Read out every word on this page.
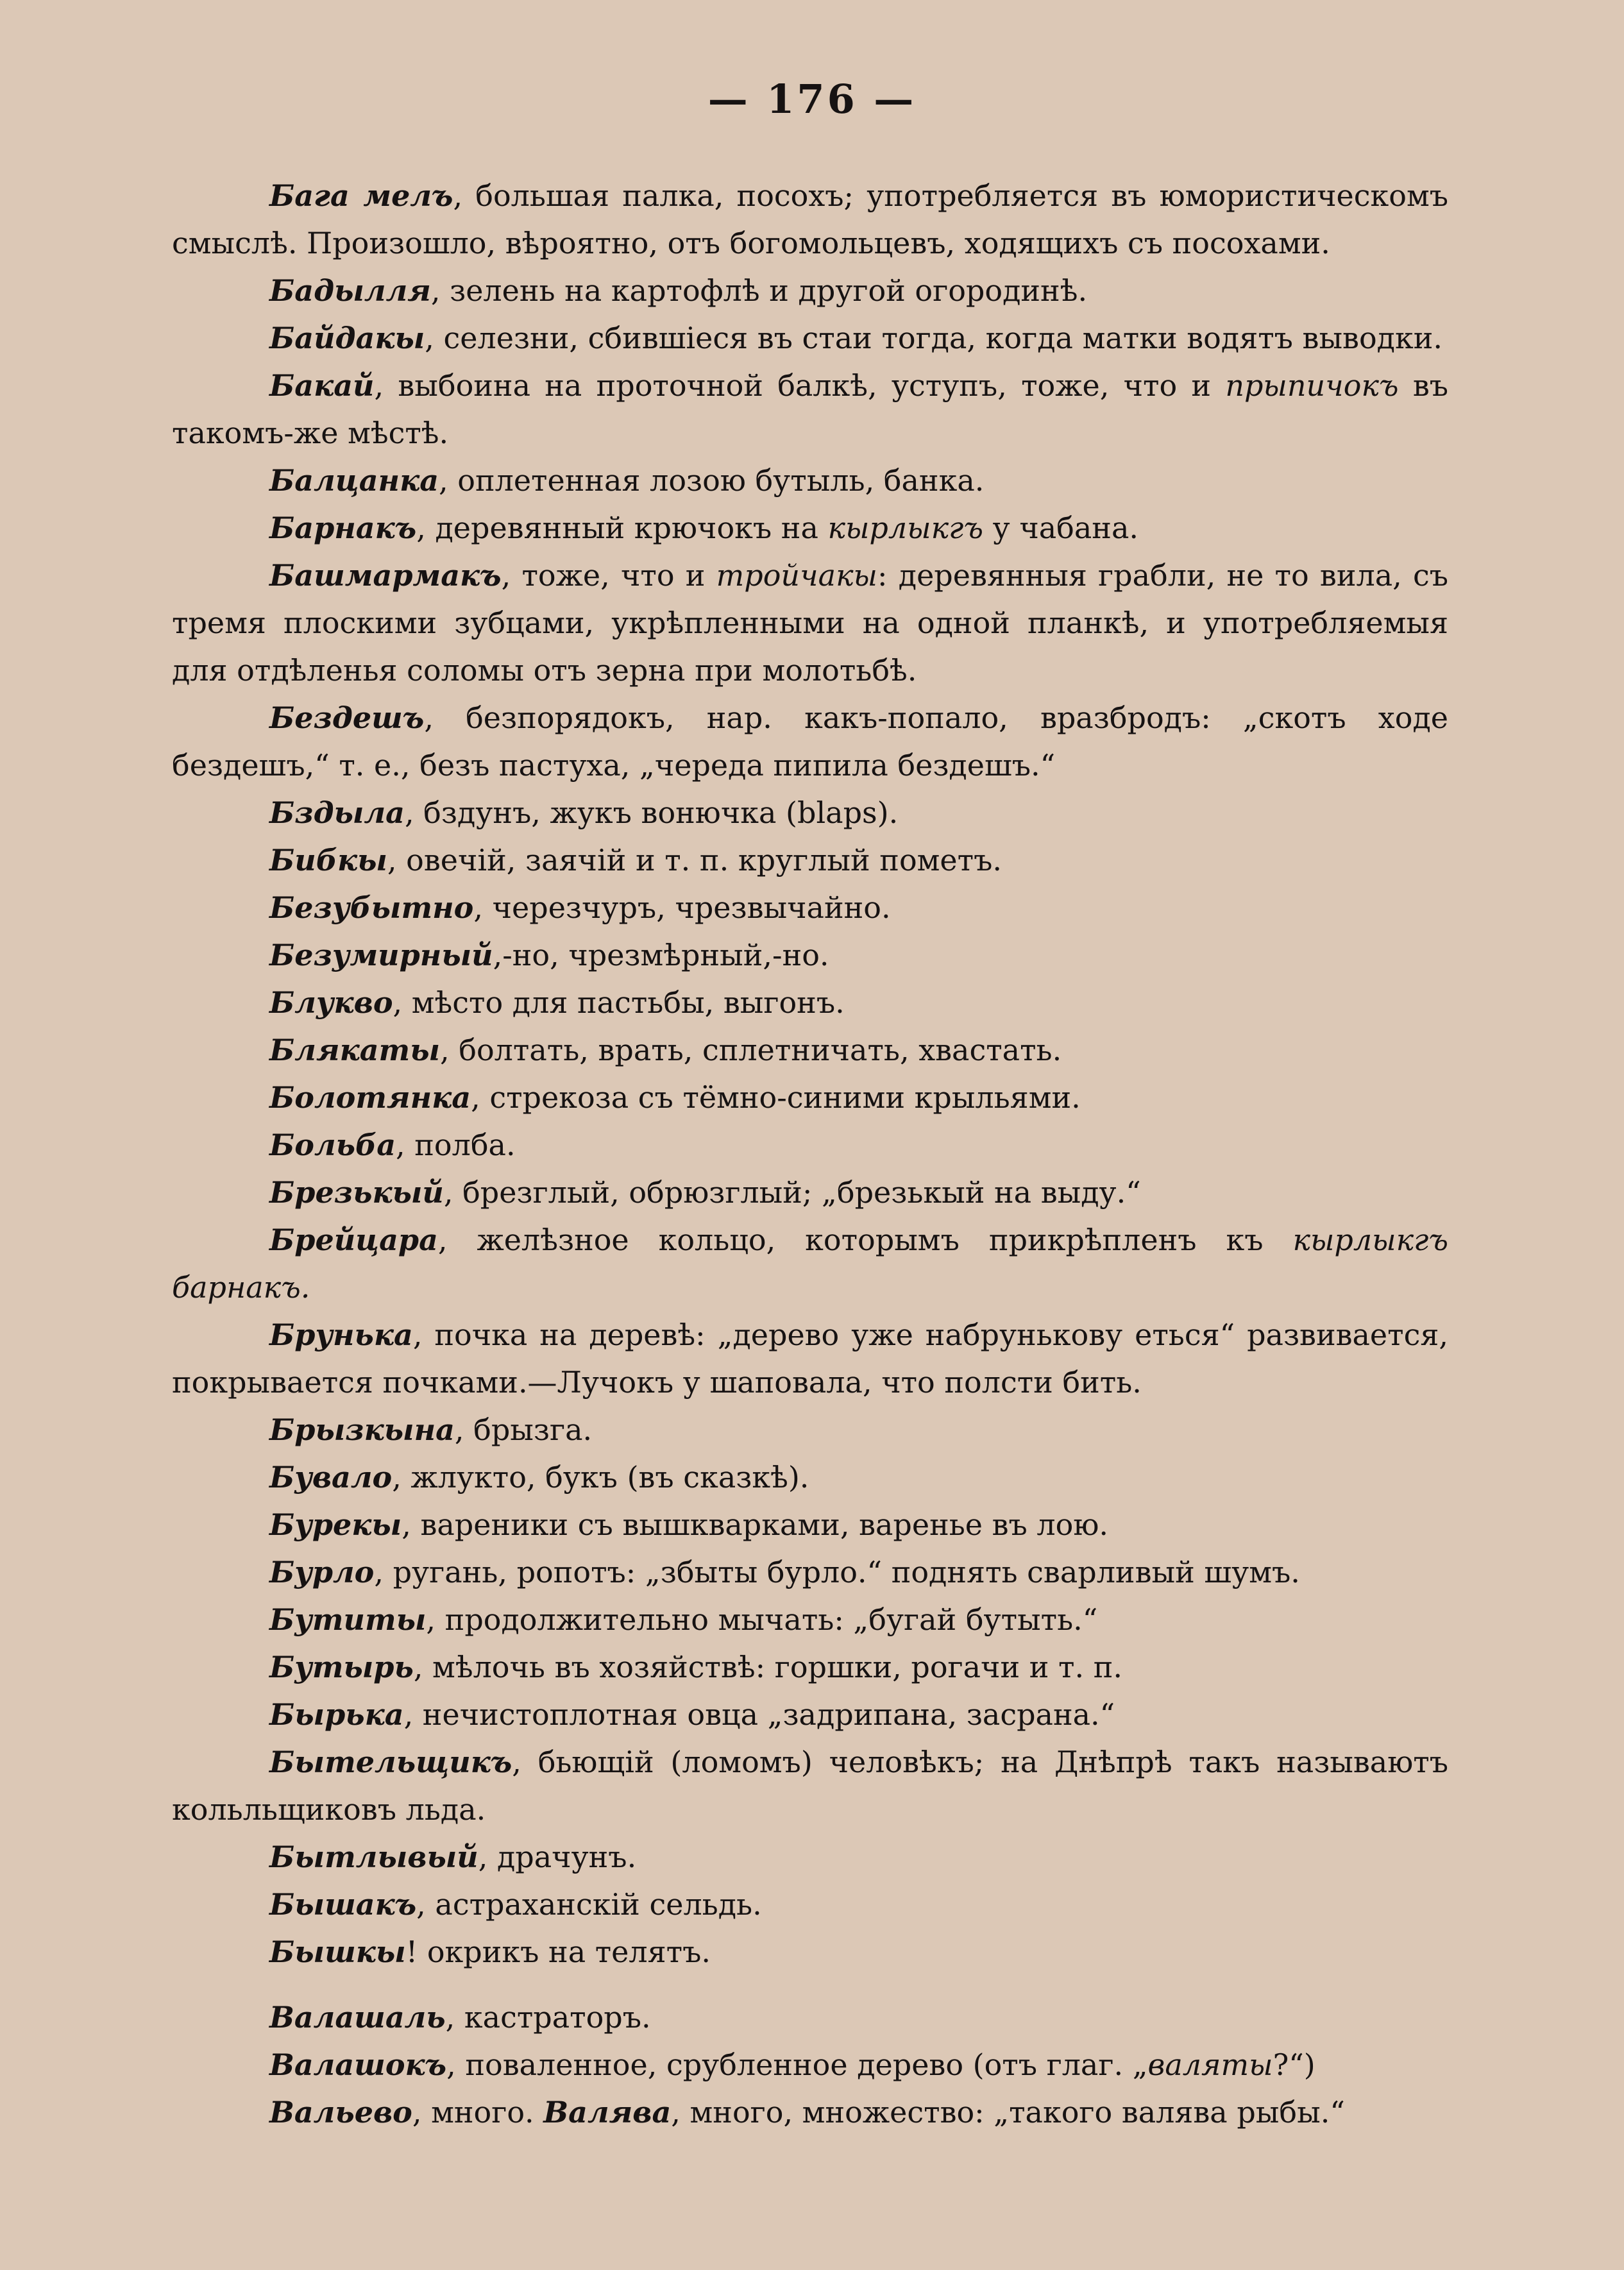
— 176 —

Бага мелъ, большая палка, посохъ; употребляется въ юмористическомъ смыслѣ. Произошло, вѣроятно, отъ богомольцевъ, ходящихъ съ посохами.

Бадылля, зелень на картофлѣ и другой огородинѣ.

Байдакы, селезни, сбившіеся въ стаи тогда, когда матки водятъ выводки.

Бакай, выбоина на проточной балкѣ, уступъ, тоже, что и прыпичокъ въ такомъ-же мѣстѣ.

Балцанка, оплетенная лозою бутыль, банка.

Барнакъ, деревянный крючокъ на кырлыкгъ у чабана.

Башмармакъ, тоже, что и тройчакы: деревянныя грабли, не то вила, съ тремя плоскими зубцами, укрѣпленными на одной планкѣ, и употребляемыя для отдѣленья соломы отъ зерна при молотьбѣ.

Бездешъ, безпорядокъ, нар. какъ-попало, вразбродъ: „скотъ ходе бездешъ,“ т. е., безъ пастуха, „череда пипила бездешъ.“

Бздыла, бздунъ, жукъ вонючка (blaps).

Бибкы, овечій, заячій и т. п. круглый пометъ.

Безубытно, черезчуръ, чрезвычайно.

Безумирный,-но, чрезмѣрный,-но.

Блукво, мѣсто для пастьбы, выгонъ.

Блякаты, болтать, врать, сплетничать, хвастать.

Болотянка, стрекоза съ тёмно-синими крыльями.

Больба, полба.

Брезькый, брезглый, обрюзглый; „брезькый на выду.“

Брейцара, желѣзное кольцо, которымъ прикрѣпленъ къ кырлыкгъ барнакъ.

Брунька, почка на деревѣ: „дерево уже набрунькову еться“ развивается, покрывается почками.—Лучокъ у шаповала, что полсти бить.

Брызкына, брызга.

Бувало, жлукто, букъ (въ сказкѣ).

Бурекы, вареники съ вышкварками, варенье въ лою.

Бурло, ругань, ропотъ: „збыты бурло.“ поднять сварливый шумъ.

Бутиты, продолжительно мычать: „бугай бутыть.“

Бутырь, мѣлочь въ хозяйствѣ: горшки, рогачи и т. п.

Бырька, нечистоплотная овца „задрипана, засрана.“

Бытельщикъ, бьющій (ломомъ) человѣкъ; на Днѣпрѣ такъ называютъ кольльщиковъ льда.

Бытлывый, драчунъ.

Бышакъ, астраханскій сельдь.

Бышкы! окрикъ на телятъ.

Валашаль, кастраторъ.

Валашокъ, поваленное, срубленное дерево (отъ глаг. „валяты?“)

Вальево, много. Валява, много, множество: „такого валява рыбы.“
